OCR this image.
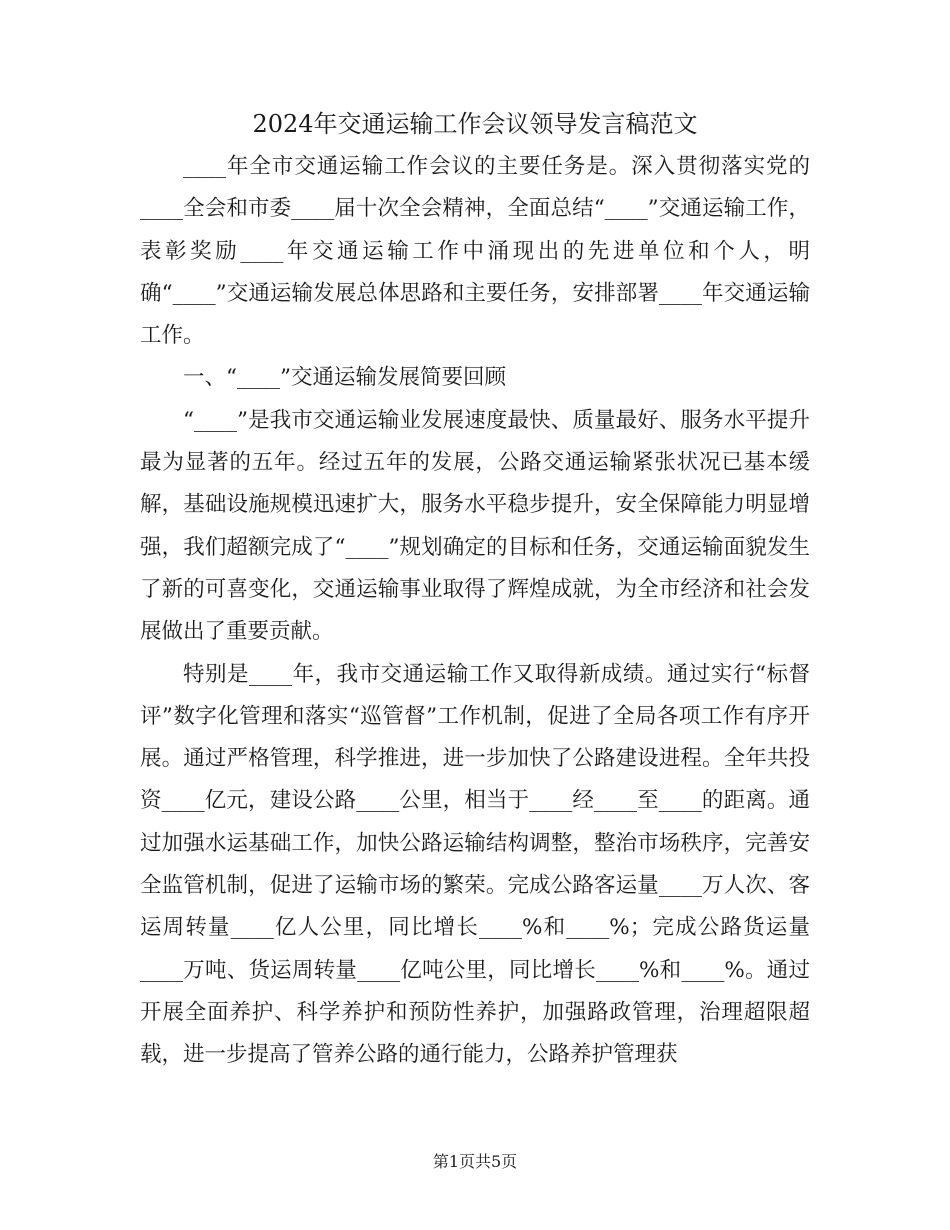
2024年交通运输工作会议领导发言稿范文

____年全市交通运输工作会议的主要任务是。深入贯彻落实党的____全会和市委____届十次全会精神，全面总结“____”交通运输工作，表彰奖励____年交通运输工作中涌现出的先进单位和个人，明确“____”交通运输发展总体思路和主要任务，安排部署____年交通运输工作。

一、“____”交通运输发展简要回顾

“____”是我市交通运输业发展速度最快、质量最好、服务水平提升最为显著的五年。经过五年的发展，公路交通运输紧张状况已基本缓解，基础设施规模迅速扩大，服务水平稳步提升，安全保障能力明显增强，我们超额完成了“____”规划确定的目标和任务，交通运输面貌发生了新的可喜变化，交通运输事业取得了辉煌成就，为全市经济和社会发展做出了重要贡献。

特别是____年，我市交通运输工作又取得新成绩。通过实行“标督评”数字化管理和落实“巡管督”工作机制，促进了全局各项工作有序开展。通过严格管理，科学推进，进一步加快了公路建设进程。全年共投资____亿元，建设公路____公里，相当于____经____至____的距离。通过加强水运基础工作，加快公路运输结构调整，整治市场秩序，完善安全监管机制，促进了运输市场的繁荣。完成公路客运量____万人次、客运周转量____亿人公里，同比增长____%和____%；完成公路货运量____万吨、货运周转量____亿吨公里，同比增长____%和____%。通过开展全面养护、科学养护和预防性养护，加强路政管理，治理超限超载，进一步提高了管养公路的通行能力，公路养护管理获

第1页共5页
